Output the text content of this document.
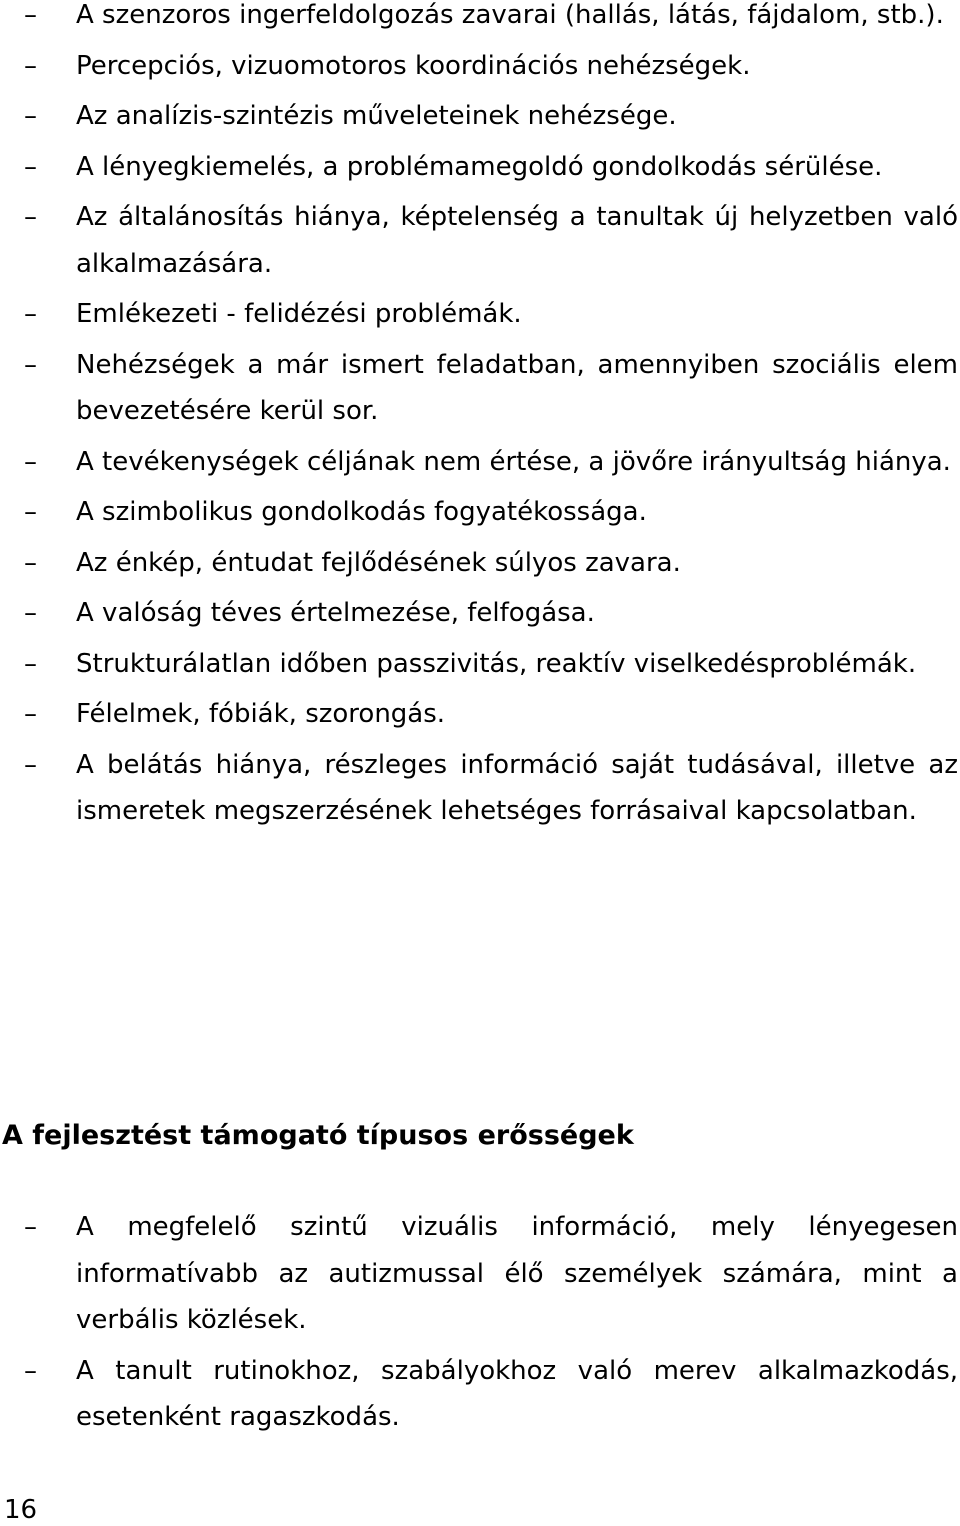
–	A szenzoros ingerfeldolgozás zavarai (hallás, látás, fájdalom, stb.).
–	Percepciós, vizuomotoros koordinációs nehézségek.
–	Az analízis-szintézis műveleteinek nehézsége.
–	A lényegkiemelés, a problémamegoldó gondolkodás sérülése.
–	Az általánosítás hiánya, képtelenség a tanultak új helyzetben való alkalmazására.
–	Emlékezeti - felidézési problémák.
–	Nehézségek a már ismert feladatban, amennyiben szociális elem bevezetésére kerül sor.
–	A tevékenységek céljának nem értése, a jövőre irányultság hiánya.
–	A szimbolikus gondolkodás fogyatékossága.
–	Az énkép, éntudat fejlődésének súlyos zavara.
–	A valóság téves értelmezése, felfogása.
–	Strukturálatlan időben passzivitás, reaktív viselkedésproblémák.
–	Félelmek, fóbiák, szorongás.
–	A belátás hiánya, részleges információ saját tudásával, illetve az ismeretek megszerzésének lehetséges forrásaival kapcsolatban.
A fejlesztést támogató típusos erősségek
–	A megfelelő szintű vizuális információ, mely lényegesen informatívabb az autizmussal élő személyek számára, mint a verbális közlések.
–	A tanult rutinokhoz, szabályokhoz való merev alkalmazkodás, esetenként ragaszkodás.
16
